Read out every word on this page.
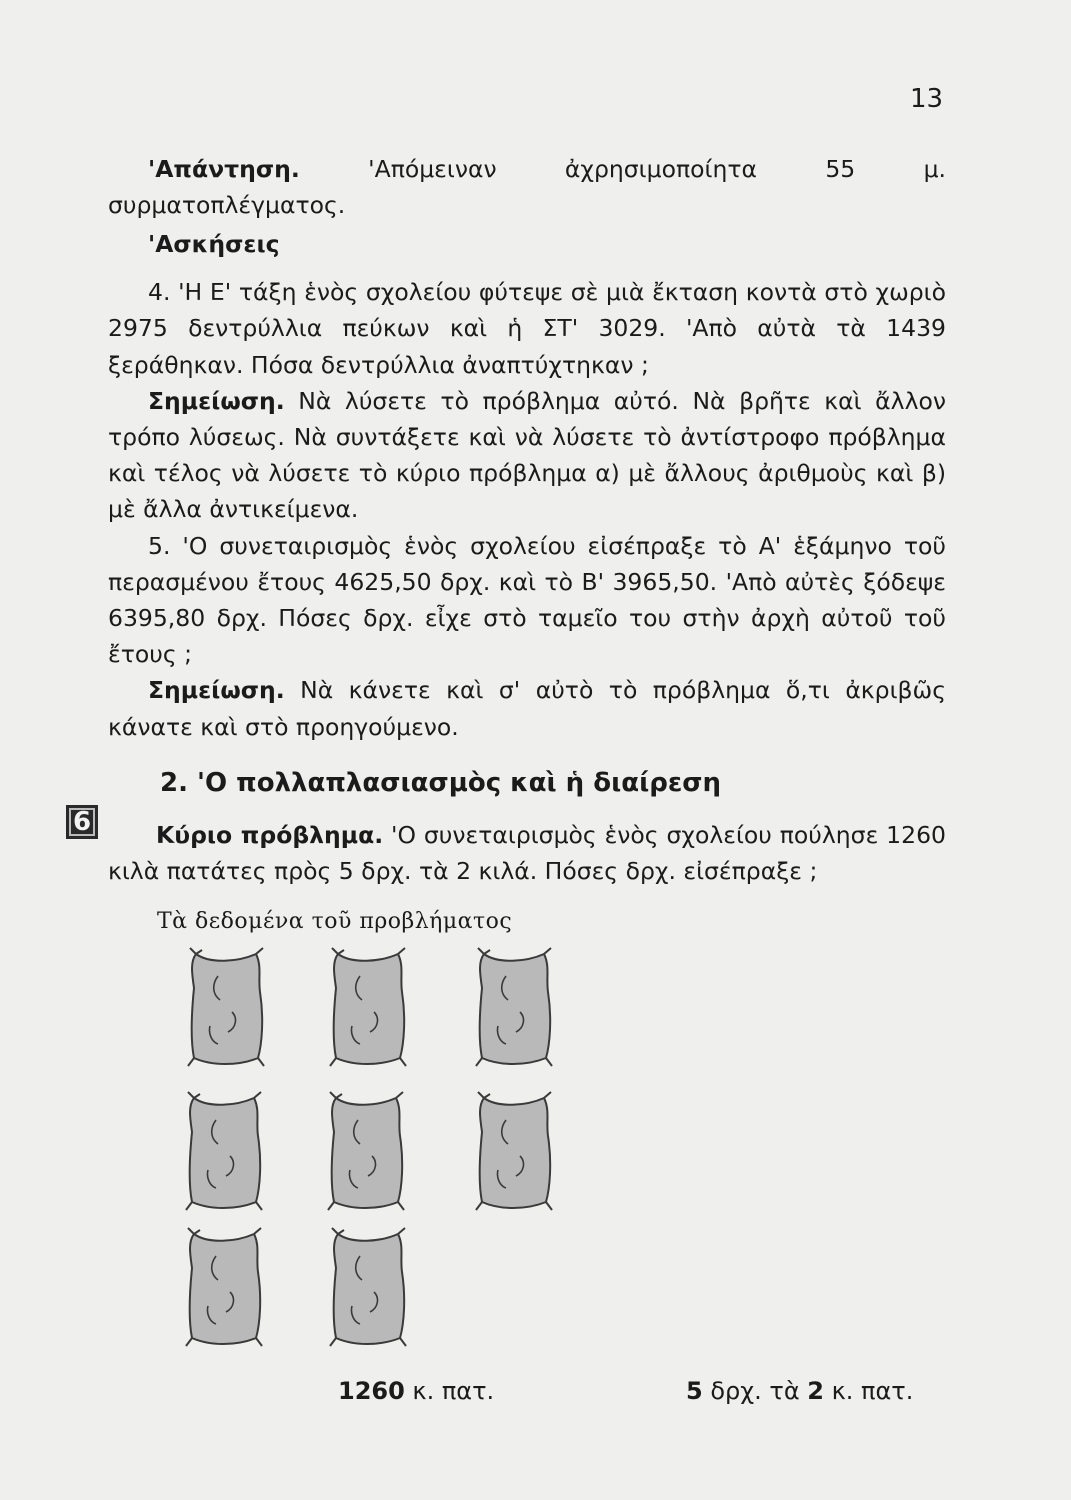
13

'Απάντηση. 'Απόμειναν ἀχρησιμοποίητα 55 μ. συρματοπλέγματος.

'Ασκήσεις

4. 'Η Ε' τάξη ἑνὸς σχολείου φύτεψε σὲ μιὰ ἔκταση κοντὰ στὸ χωριὸ 2975 δεντρύλλια πεύκων καὶ ἡ ΣΤ' 3029. 'Απὸ αὐτὰ τὰ 1439 ξεράθηκαν. Πόσα δεντρύλλια ἀναπτύχτηκαν ;

Σημείωση. Νὰ λύσετε τὸ πρόβλημα αὐτό. Νὰ βρῆτε καὶ ἄλλον τρόπο λύσεως. Νὰ συντάξετε καὶ νὰ λύσετε τὸ ἀντίστροφο πρόβλημα καὶ τέλος νὰ λύσετε τὸ κύριο πρόβλημα α) μὲ ἄλλους ἀριθμοὺς καὶ β) μὲ ἄλλα ἀντικείμενα.

5. 'Ο συνεταιρισμὸς ἑνὸς σχολείου εἰσέπραξε τὸ Α' ἑξάμηνο τοῦ περασμένου ἔτους 4625,50 δρχ. καὶ τὸ Β' 3965,50. 'Απὸ αὐτὲς ξόδεψε 6395,80 δρχ. Πόσες δρχ. εἶχε στὸ ταμεῖο του στὴν ἀρχὴ αὐτοῦ τοῦ ἔτους ;

Σημείωση. Νὰ κάνετε καὶ σ' αὐτὸ τὸ πρόβλημα ὅ,τι ἀκριβῶς κάνατε καὶ στὸ προηγούμενο.

6
2. 'Ο πολλαπλασιασμὸς καὶ ἡ διαίρεση

Κύριο πρόβλημα. 'Ο συνεταιρισμὸς ἑνὸς σχολείου πούλησε 1260 κιλὰ πατάτες πρὸς 5 δρχ. τὰ 2 κιλά. Πόσες δρχ. εἰσέπραξε ;

Τὰ δεδομένα τοῦ προβλήματος
1260 κ. πατ.	5 δρχ. τὰ 2 κ. πατ.
